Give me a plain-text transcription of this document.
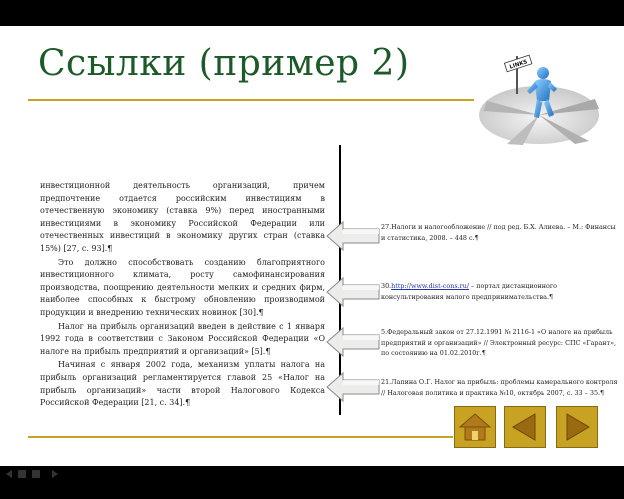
Ссылки (пример 2)	LINKS

инвестиционной деятельность организаций, причем предпочтение отдается российским инвестициям в отечественную экономику (ставка 9%) перед иностранными инвестициями в экономику Российской Федерации или отечественных инвестиций в экономику других стран (ставка 15%) [27, с. 93].¶

Это должно способствовать созданию благоприятного инвестиционного климата, росту самофинансирования производства, поощрению деятельности мелких и средних фирм, наиболее способных к быстрому обновлению производимой продукции и внедрению технических новинок [30].¶

Налог на прибыль организаций введен в действие с 1 января 1992 года в соответствии с Законом Российской Федерации «О налоге на прибыль предприятий и организаций» [5].¶

Начиная с января 2002 года, механизм уплаты налога на прибыль организаций регламентируется главой 25 «Налог на прибыль организаций» части второй Налогового Кодекса Российской Федерации [21, с. 34].¶

27.Налоги и налогообложение // под ред. Б.Х. Алиева. – М.: Финансы и статистика, 2008. – 448 с.¶
30.http://www.dist-cons.ru/ – портал дистанционного консультирования малого предпринимательства.¶
5.Федеральный закон от 27.12.1991 № 2116-1 «О налоге на прибыль предприятий и организаций» // Электронный ресурс: СПС «Гарант», по состоянию на 01.02.2010г.¶
21.Лапина О.Г. Налог на прибыль: проблемы камерального контроля // Налоговая политика и практика №10, октябрь 2007, с. 33 – 35.¶
